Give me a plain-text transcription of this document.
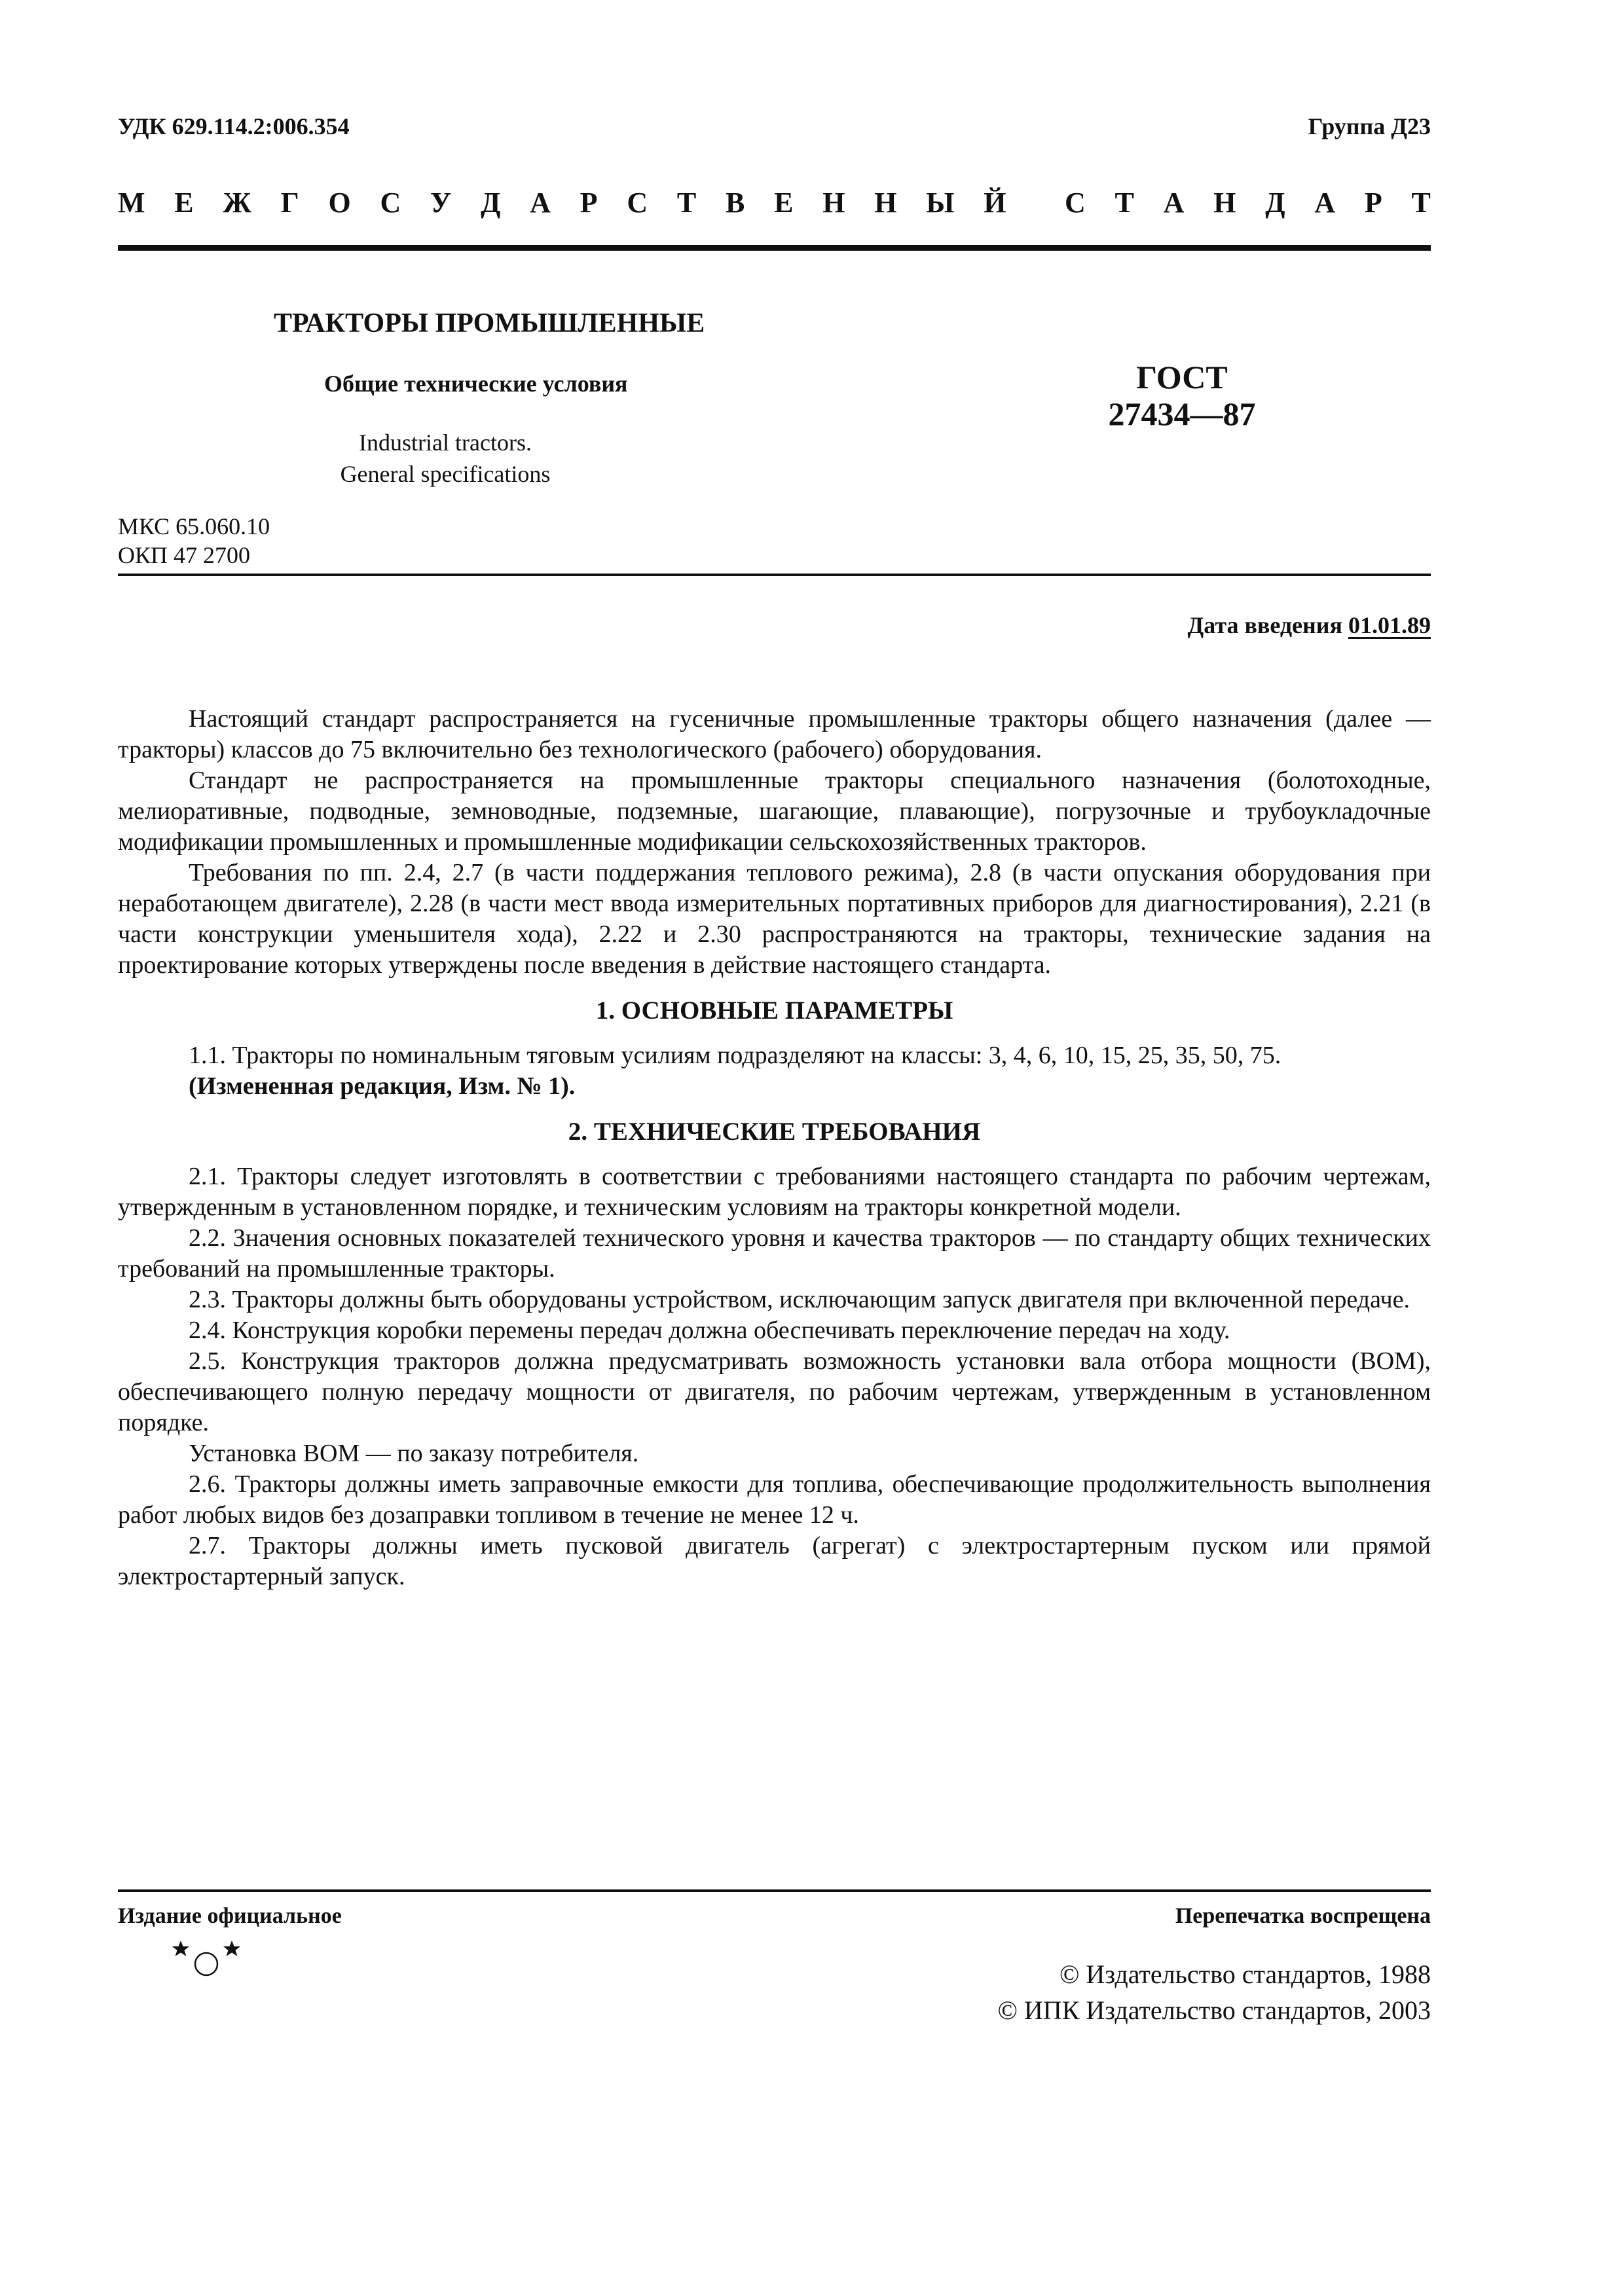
УДК 629.114.2:006.354	Группа Д23
М Е Ж Г О С У Д А Р С Т В Е Н Н Ы Й С Т А Н Д А Р Т
ТРАКТОРЫ ПРОМЫШЛЕННЫЕ
Общие технические условия
Industrial tractors.
General specifications
ГОСТ
27434—87
МКС 65.060.10
ОКП 47 2700
Дата введения 01.01.89

Настоящий стандарт распространяется на гусеничные промышленные тракторы общего назначения (далее — тракторы) классов до 75 включительно без технологического (рабочего) оборудования.

Стандарт не распространяется на промышленные тракторы специального назначения (болотоходные, мелиоративные, подводные, земноводные, подземные, шагающие, плавающие), погрузочные и трубоукладочные модификации промышленных и промышленные модификации сельскохозяйственных тракторов.

Требования по пп. 2.4, 2.7 (в части поддержания теплового режима), 2.8 (в части опускания оборудования при неработающем двигателе), 2.28 (в части мест ввода измерительных портативных приборов для диагностирования), 2.21 (в части конструкции уменьшителя хода), 2.22 и 2.30 распространяются на тракторы, технические задания на проектирование которых утверждены после введения в действие настоящего стандарта.

1. ОСНОВНЫЕ ПАРАМЕТРЫ

1.1. Тракторы по номинальным тяговым усилиям подразделяют на классы: 3, 4, 6, 10, 15, 25, 35, 50, 75.

(Измененная редакция, Изм. № 1).

2. ТЕХНИЧЕСКИЕ ТРЕБОВАНИЯ

2.1. Тракторы следует изготовлять в соответствии с требованиями настоящего стандарта по рабочим чертежам, утвержденным в установленном порядке, и техническим условиям на тракторы конкретной модели.

2.2. Значения основных показателей технического уровня и качества тракторов — по стандарту общих технических требований на промышленные тракторы.

2.3. Тракторы должны быть оборудованы устройством, исключающим запуск двигателя при включенной передаче.

2.4. Конструкция коробки перемены передач должна обеспечивать переключение передач на ходу.

2.5. Конструкция тракторов должна предусматривать возможность установки вала отбора мощности (ВОМ), обеспечивающего полную передачу мощности от двигателя, по рабочим чертежам, утвержденным в установленном порядке.

Установка ВОМ — по заказу потребителя.

2.6. Тракторы должны иметь заправочные емкости для топлива, обеспечивающие продолжительность выполнения работ любых видов без дозаправки топливом в течение не менее 12 ч.

2.7. Тракторы должны иметь пусковой двигатель (агрегат) с электростартерным пуском или прямой электростартерный запуск.

Издание официальное	Перепечатка воспрещена
© Издательство стандартов, 1988
© ИПК Издательство стандартов, 2003
